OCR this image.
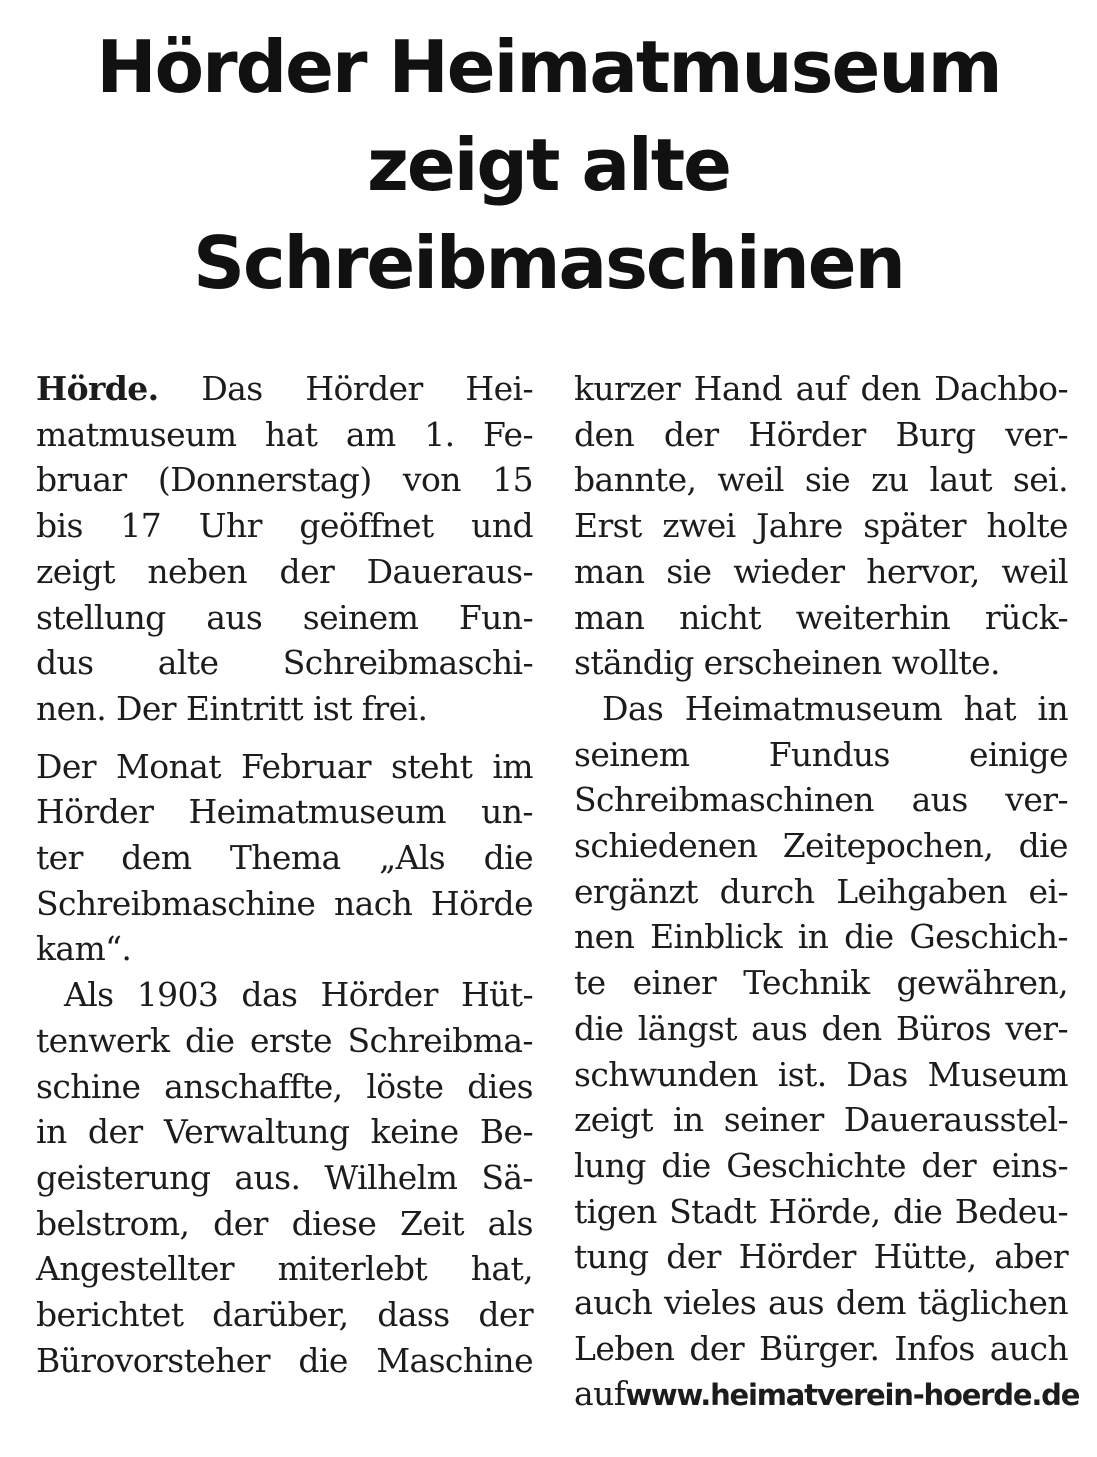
Hörder Heimatmuseum
zeigt alte
Schreibmaschinen
Hörde. Das Hörder Hei-
matmuseum hat am 1. Fe-
bruar (Donnerstag) von 15
bis 17 Uhr geöffnet und
zeigt neben der Daueraus-
stellung aus seinem Fun-
dus alte Schreibmaschi-
nen. Der Eintritt ist frei.
Der Monat Februar steht im
Hörder Heimatmuseum un-
ter dem Thema „Als die
Schreibmaschine nach Hörde
kam“.
Als 1903 das Hörder Hüt-
tenwerk die erste Schreibma-
schine anschaffte, löste dies
in der Verwaltung keine Be-
geisterung aus. Wilhelm Sä-
belstrom, der diese Zeit als
Angestellter miterlebt hat,
berichtet darüber, dass der
Bürovorsteher die Maschine
kurzer Hand auf den Dachbo-
den der Hörder Burg ver-
bannte, weil sie zu laut sei.
Erst zwei Jahre später holte
man sie wieder hervor, weil
man nicht weiterhin rück-
ständig erscheinen wollte.
Das Heimatmuseum hat in
seinem Fundus einige
Schreibmaschinen aus ver-
schiedenen Zeitepochen, die
ergänzt durch Leihgaben ei-
nen Einblick in die Geschich-
te einer Technik gewähren,
die längst aus den Büros ver-
schwunden ist. Das Museum
zeigt in seiner Dauerausstel-
lung die Geschichte der eins-
tigen Stadt Hörde, die Bedeu-
tung der Hörder Hütte, aber
auch vieles aus dem täglichen
Leben der Bürger. Infos auch
auf www.heimatverein-hoerde.de
